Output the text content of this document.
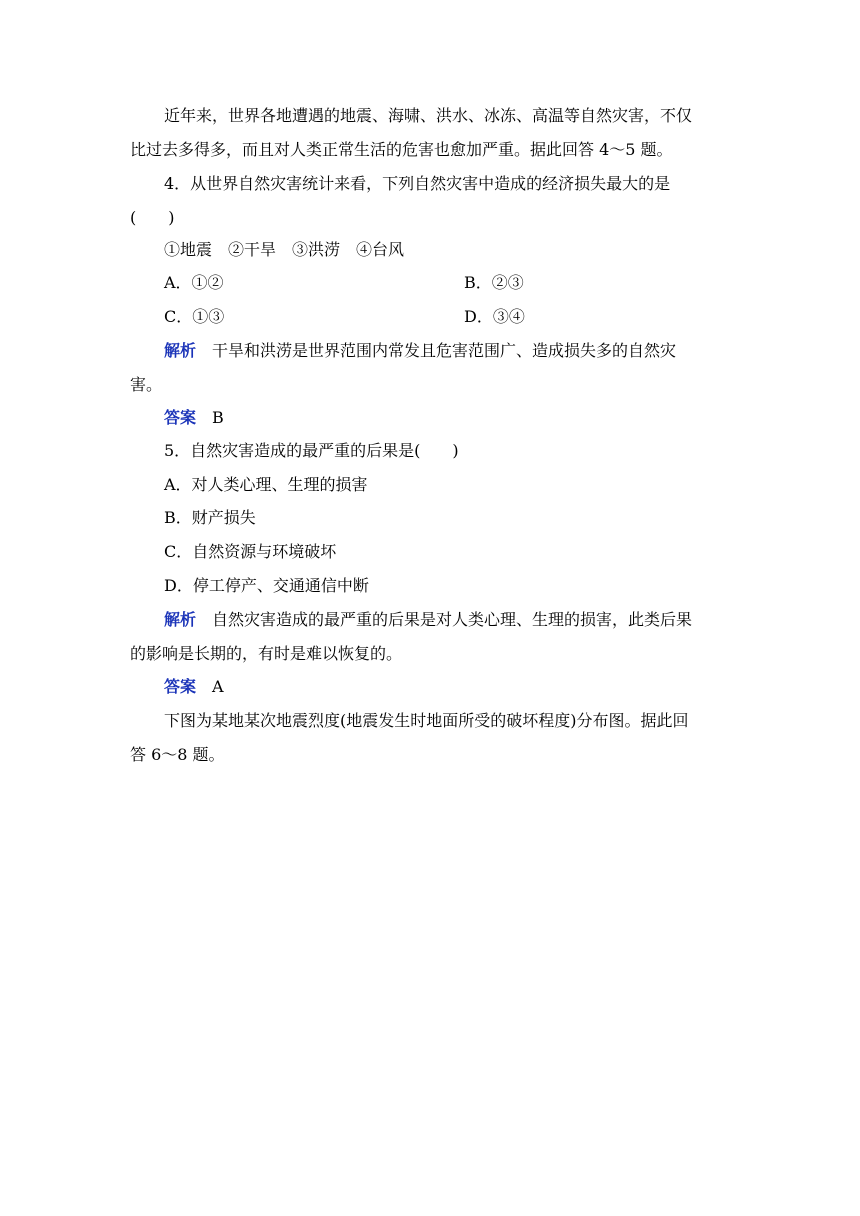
近年来，世界各地遭遇的地震、海啸、洪水、冰冻、高温等自然灾害，不仅
比过去多得多，而且对人类正常生活的危害也愈加严重。据此回答 4～5 题。
4．从世界自然灾害统计来看，下列自然灾害中造成的经济损失最大的是
(　　)
①地震　②干旱　③洪涝　④台风
A．①②	B．②③
C．①③	D．③④
解析　 干旱和洪涝是世界范围内常发且危害范围广、造成损失多的自然灾
害。
答案　 B
5．自然灾害造成的最严重的后果是(　　)
A．对人类心理、生理的损害
B．财产损失
C．自然资源与环境破坏
D．停工停产、交通通信中断
解析　 自然灾害造成的最严重的后果是对人类心理、生理的损害，此类后果
的影响是长期的，有时是难以恢复的。
答案　 A
下图为某地某次地震烈度(地震发生时地面所受的破坏程度)分布图。据此回
答 6～8 题。
